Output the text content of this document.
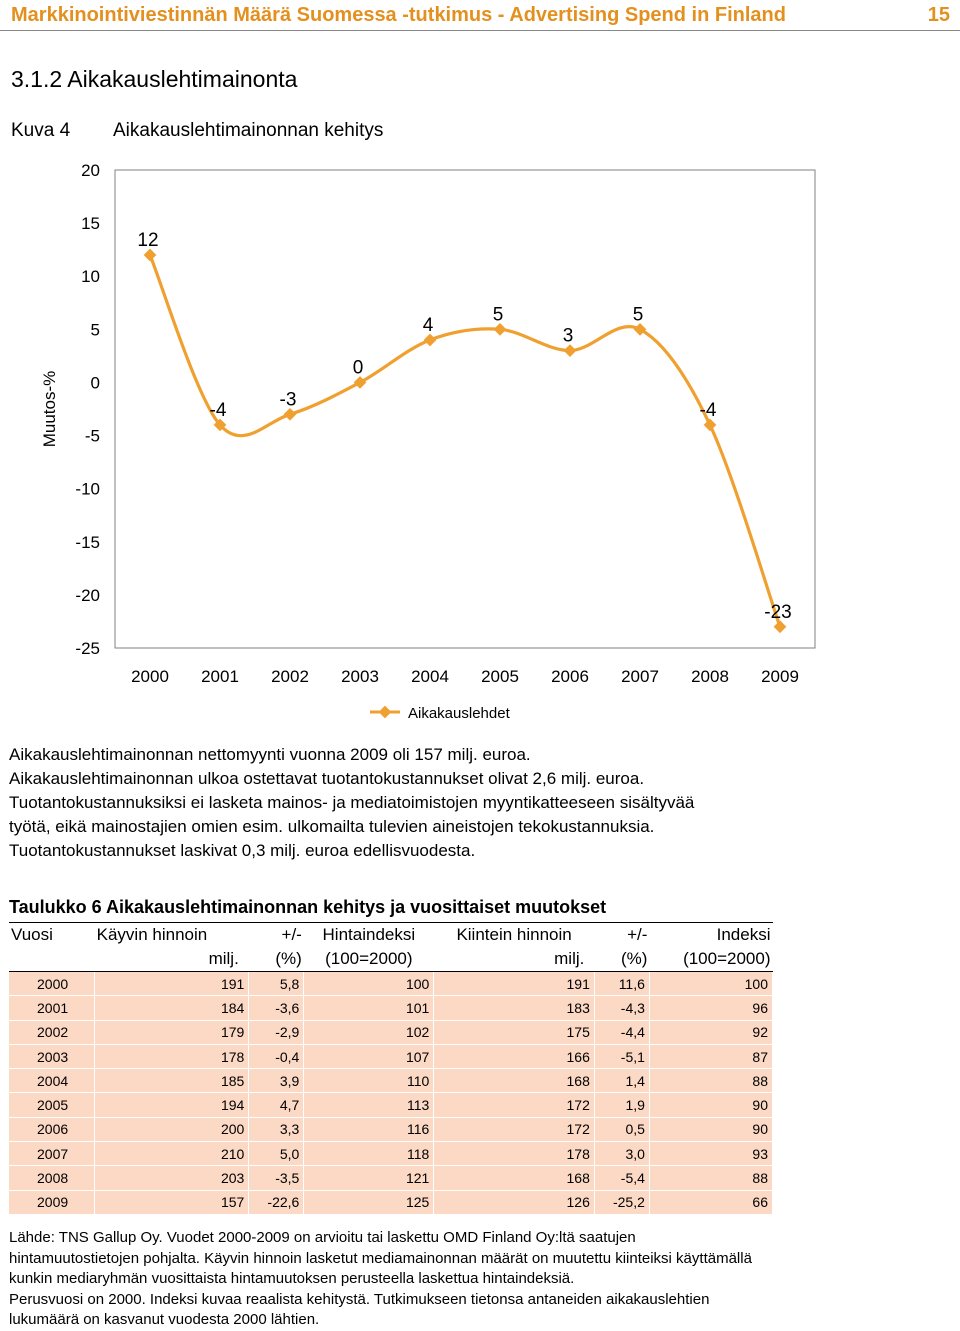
Markkinointiviestinnän Määrä Suomessa -tutkimus - Advertising Spend in Finland	15
3.1.2 Aikakauslehtimainonta
Kuva 4 Aikakauslehtimainonnan kehitys
20
15
10
5
0
-5
-10
-15
-20
-25
2000 2001 2002 2003 2004 2005 2006 2007 2008 2009
Muutos-%
12
-4
-3
0
4
5
3
5
-4
-23
Aikakauslehdet

Aikakauslehtimainonnan nettomyynti vuonna 2009 oli 157 milj. euroa.

Aikakauslehtimainonnan ulkoa ostettavat tuotantokustannukset olivat 2,6 milj. euroa.

Tuotantokustannuksiksi ei lasketa mainos- ja mediatoimistojen myyntikatteeseen sisältyvää

työtä, eikä mainostajien omien esim. ulkomailta tulevien aineistojen tekokustannuksia.

Tuotantokustannukset laskivat 0,3 milj. euroa edellisvuodesta.

Taulukko 6 Aikakauslehtimainonnan kehitys ja vuosittaiset muutokset
Vuosi	Käyvin hinnoin	+/-	Hintaindeksi	Kiintein hinnoin	+/-	Indeksi
	milj.	(%)	(100=2000)	milj.	(%)	(100=2000)
2000	191	5,8	100	191	11,6	100
2001	184	-3,6	101	183	-4,3	96
2002	179	-2,9	102	175	-4,4	92
2003	178	-0,4	107	166	-5,1	87
2004	185	3,9	110	168	1,4	88
2005	194	4,7	113	172	1,9	90
2006	200	3,3	116	172	0,5	90
2007	210	5,0	118	178	3,0	93
2008	203	-3,5	121	168	-5,4	88
2009	157	-22,6	125	126	-25,2	66

Lähde: TNS Gallup Oy. Vuodet 2000-2009 on arvioitu tai laskettu OMD Finland Oy:ltä saatujen

hintamuutostietojen pohjalta. Käyvin hinnoin lasketut mediamainonnan määrät on muutettu kiinteiksi käyttämällä

kunkin mediaryhmän vuosittaista hintamuutoksen perusteella laskettua hintaindeksiä.

Perusvuosi on 2000. Indeksi kuvaa reaalista kehitystä. Tutkimukseen tietonsa antaneiden aikakauslehtien

lukumäärä on kasvanut vuodesta 2000 lähtien.
